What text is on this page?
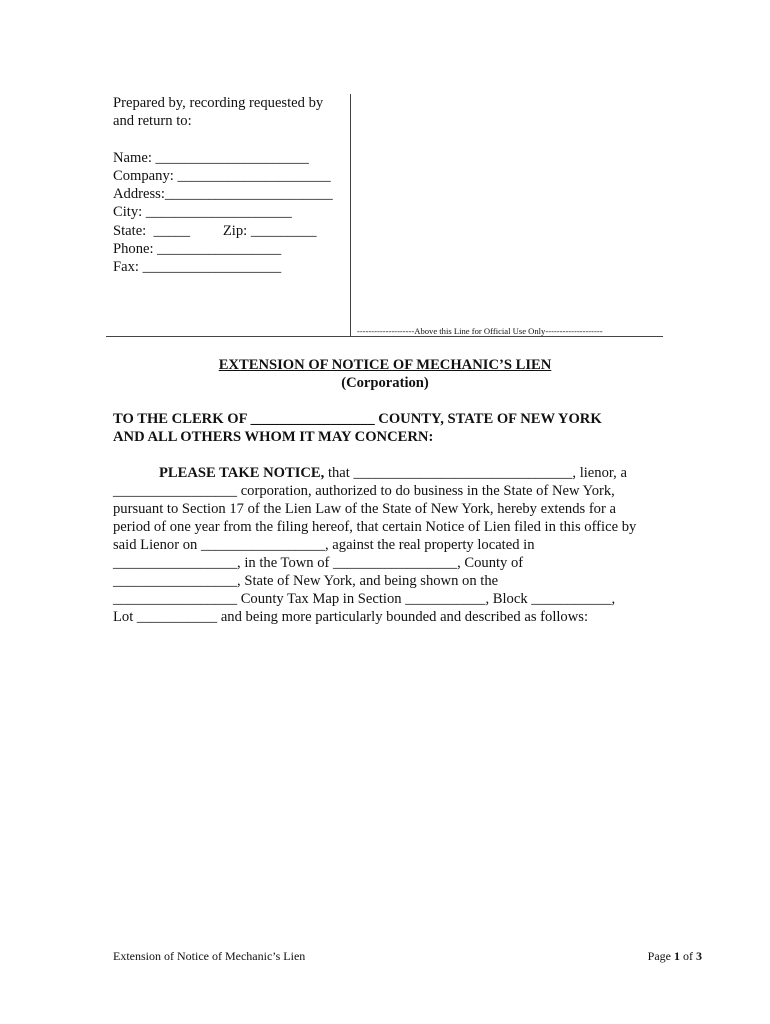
Prepared by, recording requested by
and return to:
Name: _____________________
Company: _____________________
Address:_______________________
City: ____________________
State:  _____         Zip: _________
Phone: _________________
Fax: ___________________
--------------------Above this Line for Official Use Only--------------------
EXTENSION OF NOTICE OF MECHANIC’S LIEN
(Corporation)
TO THE CLERK OF _________________ COUNTY, STATE OF NEW YORK
AND ALL OTHERS WHOM IT MAY CONCERN:
PLEASE TAKE NOTICE, that ______________________________, lienor, a
_________________ corporation, authorized to do business in the State of New York,
pursuant to Section 17 of the Lien Law of the State of New York, hereby extends for a
period of one year from the filing hereof, that certain Notice of Lien filed in this office by
said Lienor on _________________, against the real property located in
_________________, in the Town of _________________, County of
_________________, State of New York, and being shown on the
_________________ County Tax Map in Section ___________, Block ___________,
Lot ___________ and being more particularly bounded and described as follows:
Extension of Notice of Mechanic’s Lien	Page 1 of 3
